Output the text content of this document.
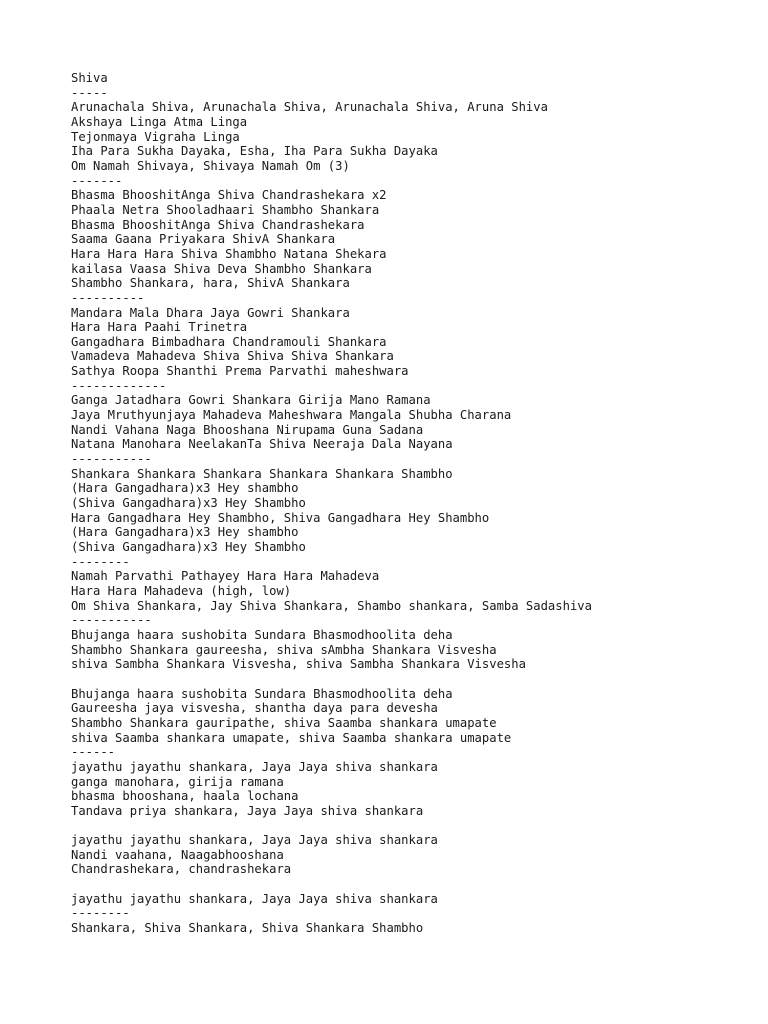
Shiva
-----
Arunachala Shiva, Arunachala Shiva, Arunachala Shiva, Aruna Shiva
Akshaya Linga Atma Linga
Tejonmaya Vigraha Linga
Iha Para Sukha Dayaka, Esha, Iha Para Sukha Dayaka
Om Namah Shivaya, Shivaya Namah Om (3)
-------
Bhasma BhooshitAnga Shiva Chandrashekara x2
Phaala Netra Shooladhaari Shambho Shankara
Bhasma BhooshitAnga Shiva Chandrashekara
Saama Gaana Priyakara ShivA Shankara
Hara Hara Hara Shiva Shambho Natana Shekara
kailasa Vaasa Shiva Deva Shambho Shankara
Shambho Shankara, hara, ShivA Shankara
----------
Mandara Mala Dhara Jaya Gowri Shankara
Hara Hara Paahi Trinetra
Gangadhara Bimbadhara Chandramouli Shankara
Vamadeva Mahadeva Shiva Shiva Shiva Shankara
Sathya Roopa Shanthi Prema Parvathi maheshwara
-------------
Ganga Jatadhara Gowri Shankara Girija Mano Ramana
Jaya Mruthyunjaya Mahadeva Maheshwara Mangala Shubha Charana
Nandi Vahana Naga Bhooshana Nirupama Guna Sadana
Natana Manohara NeelakanTa Shiva Neeraja Dala Nayana
-----------
Shankara Shankara Shankara Shankara Shankara Shambho
(Hara Gangadhara)x3 Hey shambho
(Shiva Gangadhara)x3 Hey Shambho
Hara Gangadhara Hey Shambho, Shiva Gangadhara Hey Shambho
(Hara Gangadhara)x3 Hey shambho
(Shiva Gangadhara)x3 Hey Shambho
--------
Namah Parvathi Pathayey Hara Hara Mahadeva
Hara Hara Mahadeva (high, low)
Om Shiva Shankara, Jay Shiva Shankara, Shambo shankara, Samba Sadashiva
-----------
Bhujanga haara sushobita Sundara Bhasmodhoolita deha
Shambho Shankara gaureesha, shiva sAmbha Shankara Visvesha
shiva Sambha Shankara Visvesha, shiva Sambha Shankara Visvesha
Bhujanga haara sushobita Sundara Bhasmodhoolita deha
Gaureesha jaya visvesha, shantha daya para devesha
Shambho Shankara gauripathe, shiva Saamba shankara umapate
shiva Saamba shankara umapate, shiva Saamba shankara umapate
------
jayathu jayathu shankara, Jaya Jaya shiva shankara
ganga manohara, girija ramana
bhasma bhooshana, haala lochana
Tandava priya shankara, Jaya Jaya shiva shankara
jayathu jayathu shankara, Jaya Jaya shiva shankara
Nandi vaahana, Naagabhooshana
Chandrashekara, chandrashekara
jayathu jayathu shankara, Jaya Jaya shiva shankara
--------
Shankara, Shiva Shankara, Shiva Shankara Shambho
